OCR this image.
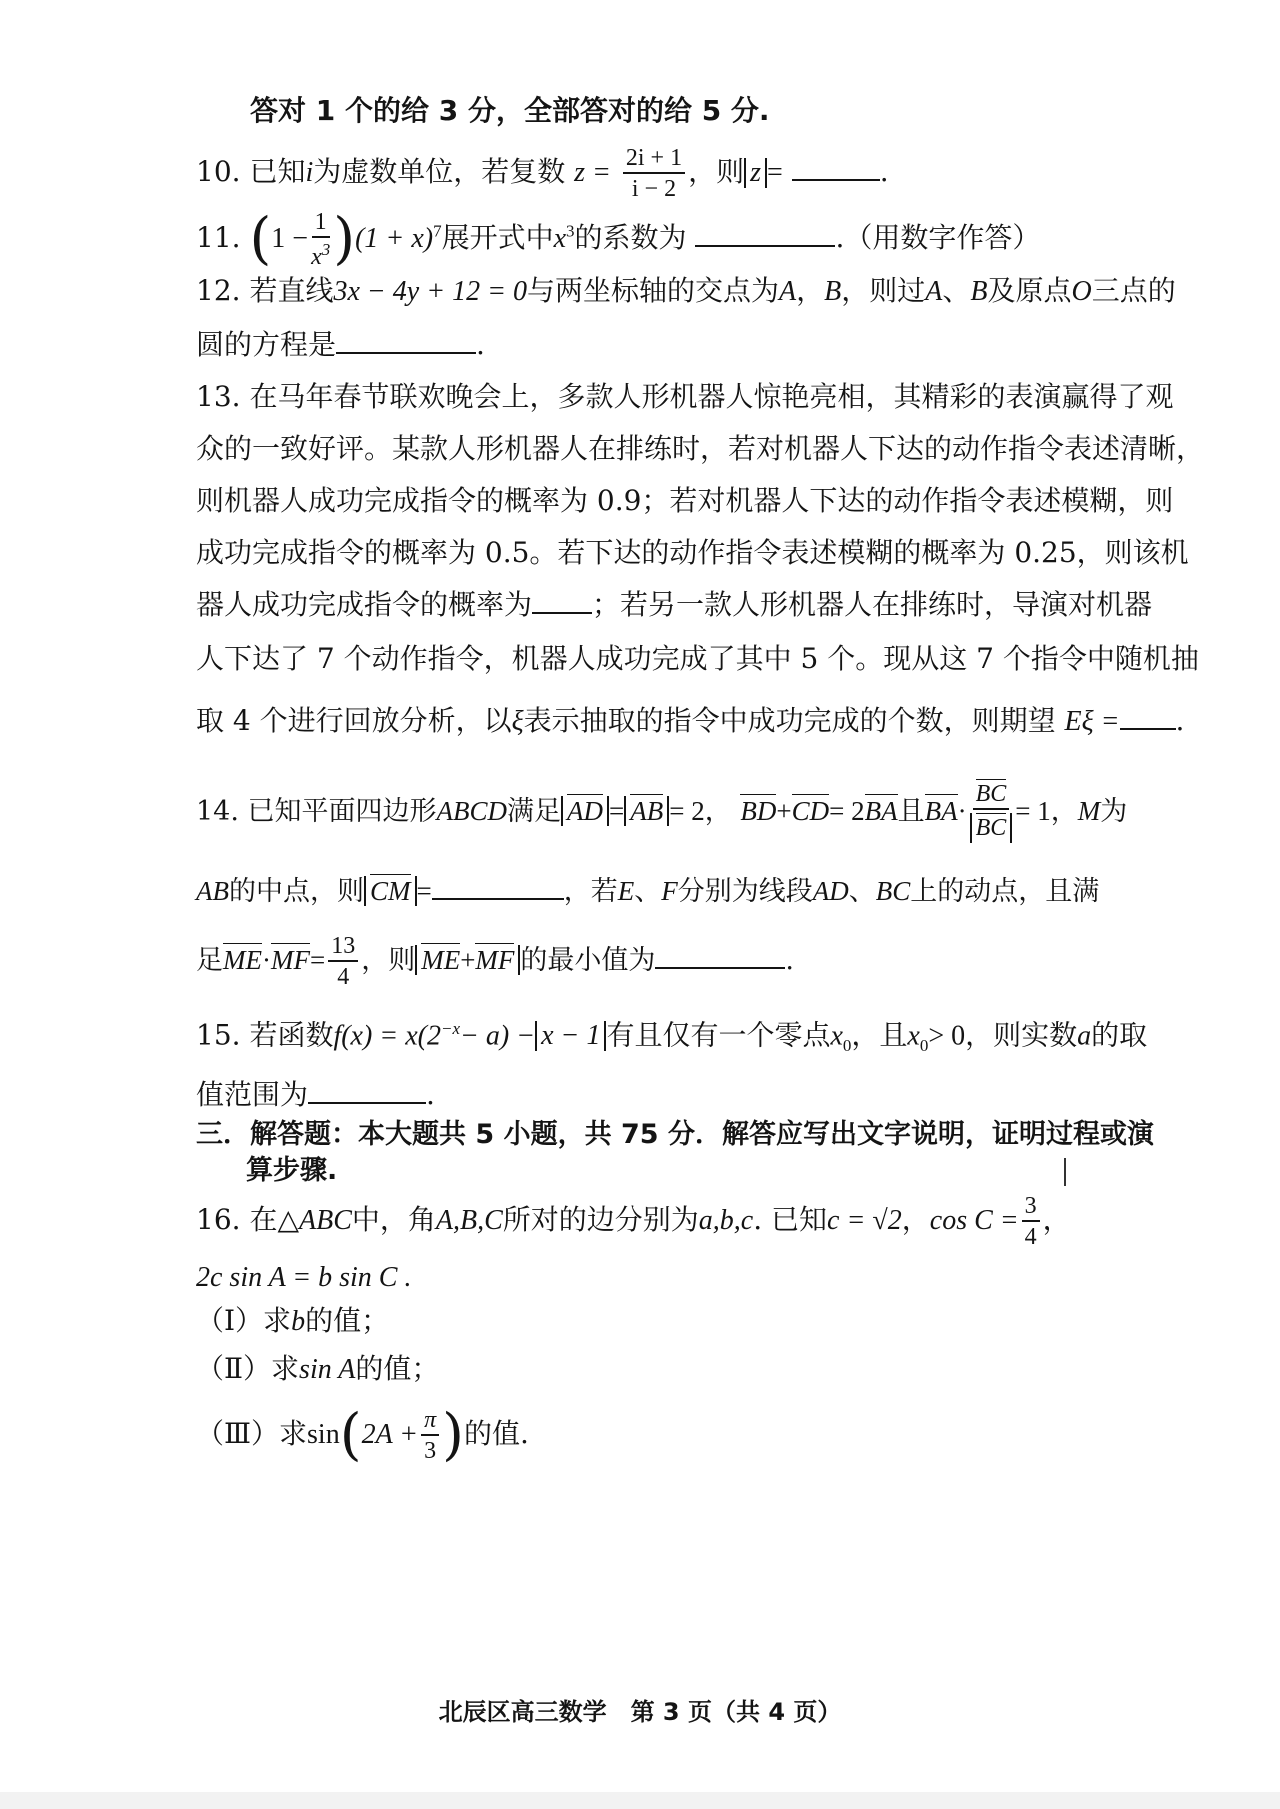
答对 1 个的给 3 分，全部答对的给 5 分.
10. 已知i为虚数单位，若复数 $z = \frac{2i + 1}{i - 2}$ ，则 z =	.
11. $(1 - \frac{1}{x^3} )(1 + x)^7$展开式中$x^3$的系数为	.（用数字作答）
12. 若直线3x − 4y + 12 = 0与两坐标轴的交点为A，B，则过A、B及原点O三点的
圆的方程是	.
13. 在马年春节联欢晚会上，多款人形机器人惊艳亮相，其精彩的表演赢得了观
众的一致好评。某款人形机器人在排练时，若对机器人下达的动作指令表述清晰，
则机器人成功完成指令的概率为 0.9；若对机器人下达的动作指令表述模糊，则
成功完成指令的概率为 0.5。若下达的动作指令表述模糊的概率为 0.25，则该机
器人成功完成指令的概率为 ；若另一款人形机器人在排练时，导演对机器
人下达了 7 个动作指令，机器人成功完成了其中 5 个。现从这 7 个指令中随机抽
取 4 个进行回放分析，以ξ表示抽取的指令中成功完成的个数，则期望 Eξ = .
14. 已知平面四边形ABCD满足 AD = AB = 2， BD+CD= 2BA且$BA\cdot \frac{BC}{BC} = 1$，M为
AB的中点，则 CM =	，若E、F分别为线段AD、BC上的动点，且满
足$ME\cdot MF= \frac{13}{4}$ ，则 ME+MF 的最小值为	.
15. 若函数$f(x) = x(2^{-x}- a) - x - 1$ 有且仅有一个零点$x_0$，且$x_0> 0$，则实数a的取
值范围为	.
三．解答题：本大题共 5 小题，共 75 分．解答应写出文字说明，证明过程或演
算步骤.
16. 在△ABC中，角A,B,C所对的边分别为a,b,c. 已知c = √2，$\cos C = \frac{3}{4}$ ，
2c sin A = b sin C .
（Ⅰ）求b的值；
（Ⅱ）求sin A的值；
（Ⅲ）求$\sin(2A + \frac{\pi}{3}$ )的值.
北辰区高三数学　第 3 页（共 4 页）
